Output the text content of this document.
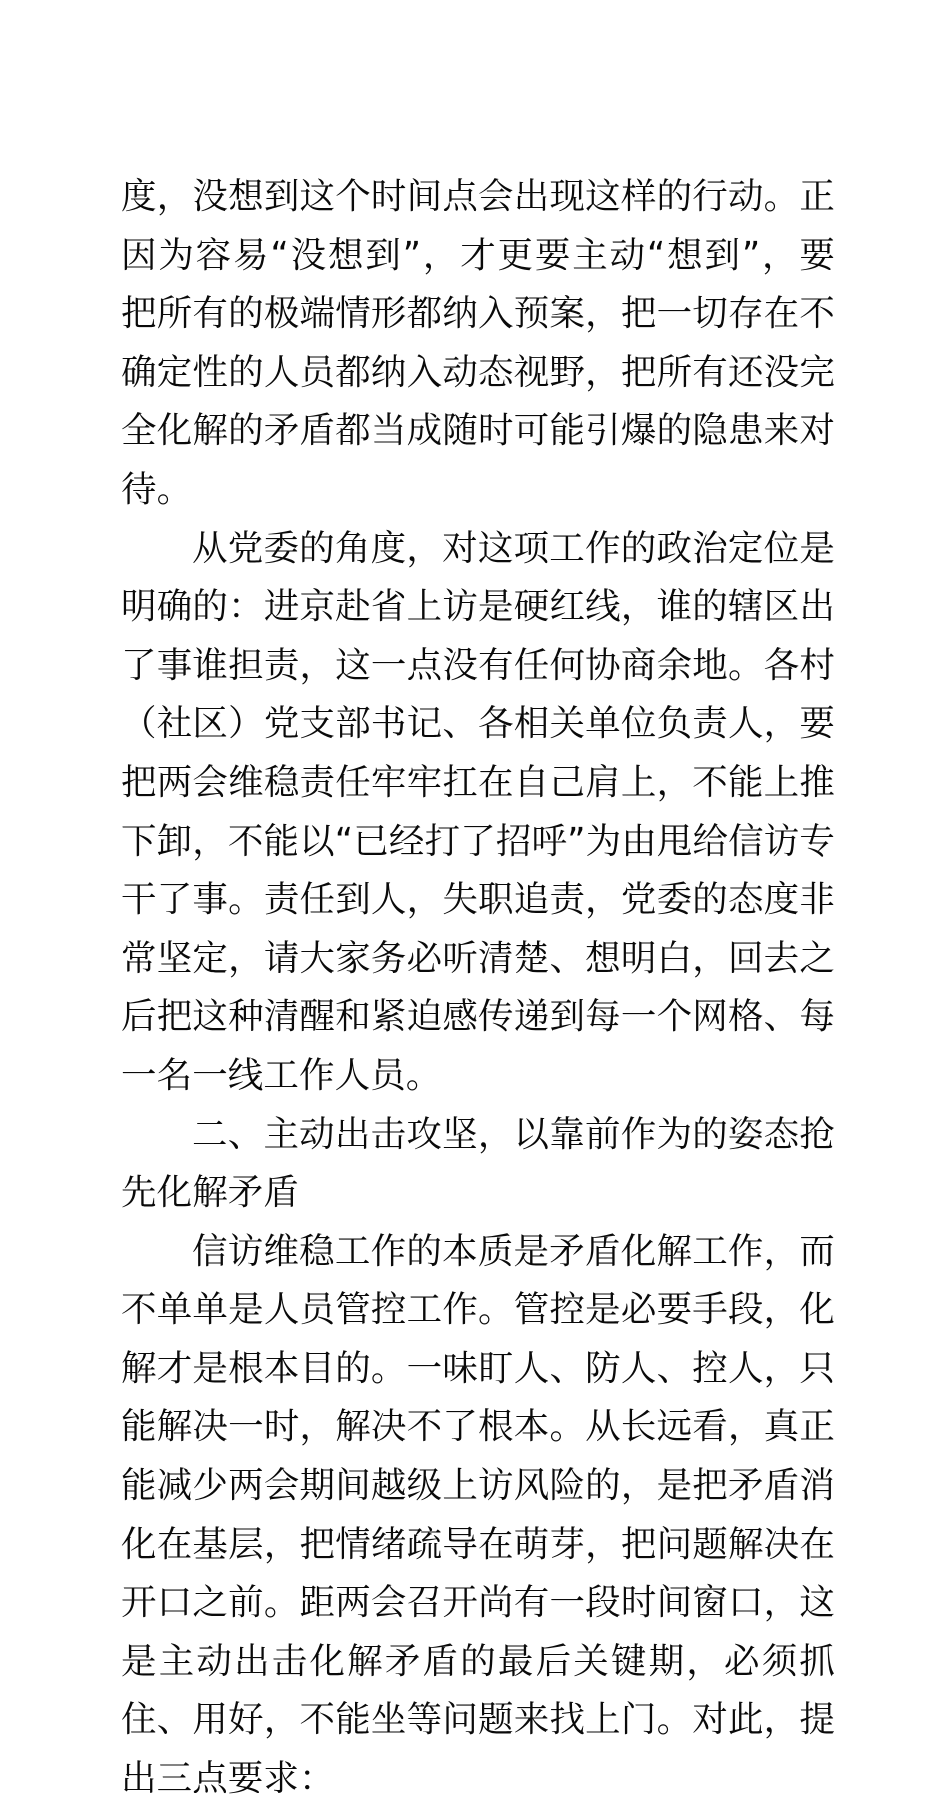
度，没想到这个时间点会出现这样的行动。正因为容易“没想到”，才更要主动“想到”，要把所有的极端情形都纳入预案，把一切存在不确定性的人员都纳入动态视野，把所有还没完全化解的矛盾都当成随时可能引爆的隐患来对待。

从党委的角度，对这项工作的政治定位是明确的：进京赴省上访是硬红线，谁的辖区出了事谁担责，这一点没有任何协商余地。各村（社区）党支部书记、各相关单位负责人，要把两会维稳责任牢牢扛在自己肩上，不能上推下卸，不能以“已经打了招呼”为由甩给信访专干了事。责任到人，失职追责，党委的态度非常坚定，请大家务必听清楚、想明白，回去之后把这种清醒和紧迫感传递到每一个网格、每一名一线工作人员。

二、主动出击攻坚，以靠前作为的姿态抢先化解矛盾

信访维稳工作的本质是矛盾化解工作，而不单单是人员管控工作。管控是必要手段，化解才是根本目的。一味盯人、防人、控人，只能解决一时，解决不了根本。从长远看，真正能减少两会期间越级上访风险的，是把矛盾消化在基层，把情绪疏导在萌芽，把问题解决在开口之前。距两会召开尚有一段时间窗口，这是主动出击化解矛盾的最后关键期，必须抓住、用好，不能坐等问题来找上门。对此，提出三点要求：
